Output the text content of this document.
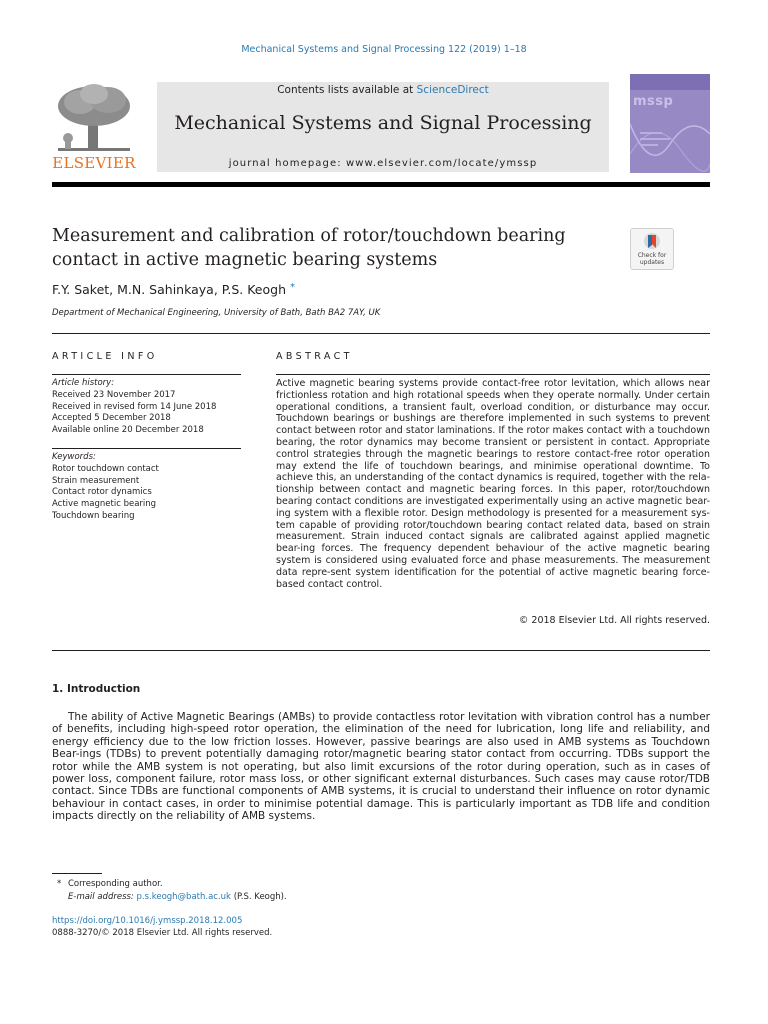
Mechanical Systems and Signal Processing 122 (2019) 1–18
ELSEVIER
Contents lists available at ScienceDirect
Mechanical Systems and Signal Processing
journal homepage: www.elsevier.com/locate/ymssp
mssp
Measurement and calibration of rotor/touchdown bearing
contact in active magnetic bearing systems	Check for
updates
F.Y. Saket, M.N. Sahinkaya, P.S. Keogh *
Department of Mechanical Engineering, University of Bath, Bath BA2 7AY, UK
ARTICLE INFO
Article history:
Received 23 November 2017
Received in revised form 14 June 2018
Accepted 5 December 2018
Available online 20 December 2018
Keywords:
Rotor touchdown contact
Strain measurement
Contact rotor dynamics
Active magnetic bearing
Touchdown bearing
ABSTRACT
Active magnetic bearing systems provide contact-free rotor levitation, which allows near frictionless rotation and high rotational speeds when they operate normally. Under certain operational conditions, a transient fault, overload condition, or disturbance may occur. Touchdown bearings or bushings are therefore implemented in such systems to prevent contact between rotor and stator laminations. If the rotor makes contact with a touchdown bearing, the rotor dynamics may become transient or persistent in contact. Appropriate control strategies through the magnetic bearings to restore contact-free rotor operation may extend the life of touchdown bearings, and minimise operational downtime. To achieve this, an understanding of the contact dynamics is required, together with the rela-tionship between contact and magnetic bearing forces. In this paper, rotor/touchdown bearing contact conditions are investigated experimentally using an active magnetic bear-ing system with a flexible rotor. Design methodology is presented for a measurement sys-tem capable of providing rotor/touchdown bearing contact related data, based on strain measurement. Strain induced contact signals are calibrated against applied magnetic bear-ing forces. The frequency dependent behaviour of the active magnetic bearing system is considered using evaluated force and phase measurements. The measurement data repre-sent system identification for the potential of active magnetic bearing force-based contact control.
© 2018 Elsevier Ltd. All rights reserved.
1. Introduction
The ability of Active Magnetic Bearings (AMBs) to provide contactless rotor levitation with vibration control has a number of benefits, including high-speed rotor operation, the elimination of the need for lubrication, long life and reliability, and energy efficiency due to the low friction losses. However, passive bearings are also used in AMB systems as Touchdown Bear-ings (TDBs) to prevent potentially damaging rotor/magnetic bearing stator contact from occurring. TDBs support the rotor while the AMB system is not operating, but also limit excursions of the rotor during operation, such as in cases of power loss, component failure, rotor mass loss, or other significant external disturbances. Such cases may cause rotor/TDB contact. Since TDBs are functional components of AMB systems, it is crucial to understand their influence on rotor dynamic behaviour in contact cases, in order to minimise potential damage. This is particularly important as TDB life and condition impacts directly on the reliability of AMB systems.
* Corresponding author.
E-mail address: p.s.keogh@bath.ac.uk (P.S. Keogh).
https://doi.org/10.1016/j.ymssp.2018.12.005
0888-3270/© 2018 Elsevier Ltd. All rights reserved.
